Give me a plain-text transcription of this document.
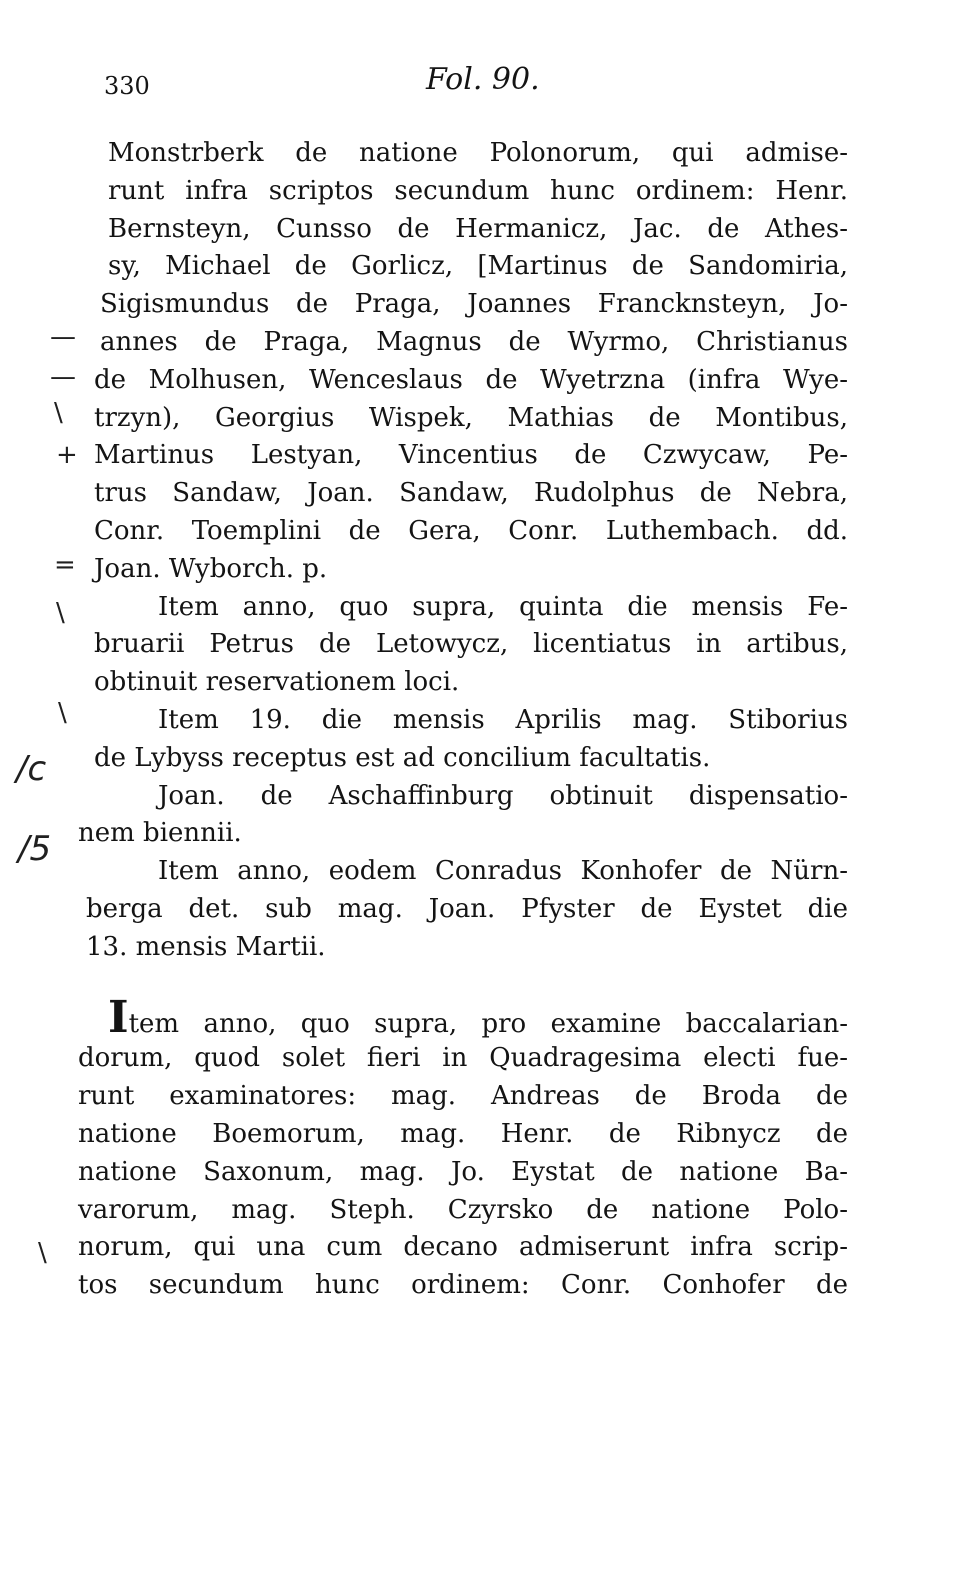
330	Fol. 90.
—
—
\
+
=
\
\
/c
/5
\
Monstrberk de natione Polonorum, qui admise-
runt infra scriptos secundum hunc ordinem: Henr.
Bernsteyn, Cunsso de Hermanicz, Jac. de Athes-
sy, Michael de Gorlicz, [Martinus de Sandomiria,
Sigismundus de Praga, Joannes Francknsteyn, Jo-
annes de Praga, Magnus de Wyrmo, Christianus
de Molhusen, Wenceslaus de Wyetrzna (infra Wye-
trzyn), Georgius Wispek, Mathias de Montibus,
Martinus Lestyan, Vincentius de Czwycaw, Pe-
trus Sandaw, Joan. Sandaw, Rudolphus de Nebra,
Conr. Toemplini de Gera, Conr. Luthembach. dd.
Joan. Wyborch. p.
Item anno, quo supra, quinta die mensis Fe-
bruarii Petrus de Letowycz, licentiatus in artibus,
obtinuit reservationem loci.
Item 19. die mensis Aprilis mag. Stiborius
de Lybyss receptus est ad concilium facultatis.
Joan. de Aschaffinburg obtinuit dispensatio-
nem biennii.
Item anno, eodem Conradus Konhofer de Nürn-
berga det. sub mag. Joan. Pfyster de Eystet die
13. mensis Martii.
Item anno, quo supra, pro examine baccalarian-
dorum, quod solet fieri in Quadragesima electi fue-
runt examinatores: mag. Andreas de Broda de
natione Boemorum, mag. Henr. de Ribnycz de
natione Saxonum, mag. Jo. Eystat de natione Ba-
varorum, mag. Steph. Czyrsko de natione Polo-
norum, qui una cum decano admiserunt infra scrip-
tos secundum hunc ordinem: Conr. Conhofer de
